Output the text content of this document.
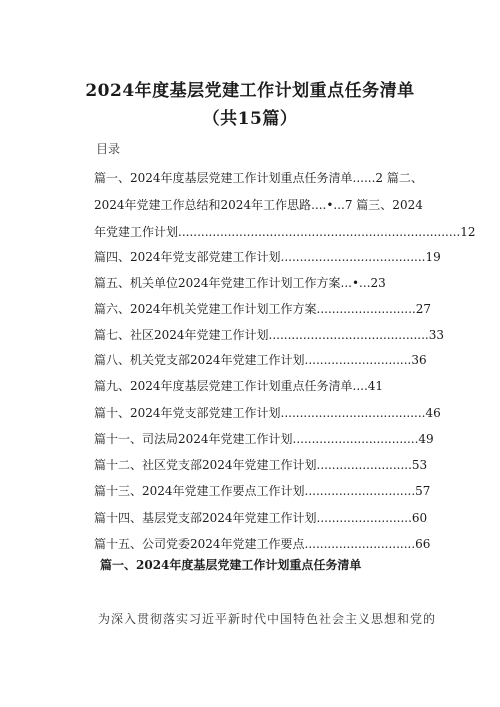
2024年度基层党建工作计划重点任务清单
（共15篇）
目录
篇一、2024年度基层党建工作计划重点任务清单......2 篇二、
2024年党建工作总结和2024年工作思路....•...7 篇三、2024
年党建工作计划..........................................................................12
篇四、2024年党支部党建工作计划......................................19
篇五、机关单位2024年党建工作计划工作方案...•...23
篇六、2024年机关党建工作计划工作方案..........................27
篇七、社区2024年党建工作计划..........................................33
篇八、机关党支部2024年党建工作计划............................36
篇九、2024年度基层党建工作计划重点任务清单....41
篇十、2024年党支部党建工作计划......................................46
篇十一、司法局2024年党建工作计划.................................49
篇十二、社区党支部2024年党建工作计划.........................53
篇十三、2024年党建工作要点工作计划.............................57
篇十四、基层党支部2024年党建工作计划.........................60
篇十五、公司党委2024年党建工作要点.............................66
篇一、2024年度基层党建工作计划重点任务清单
为深入贯彻落实习近平新时代中国特色社会主义思想和党的
